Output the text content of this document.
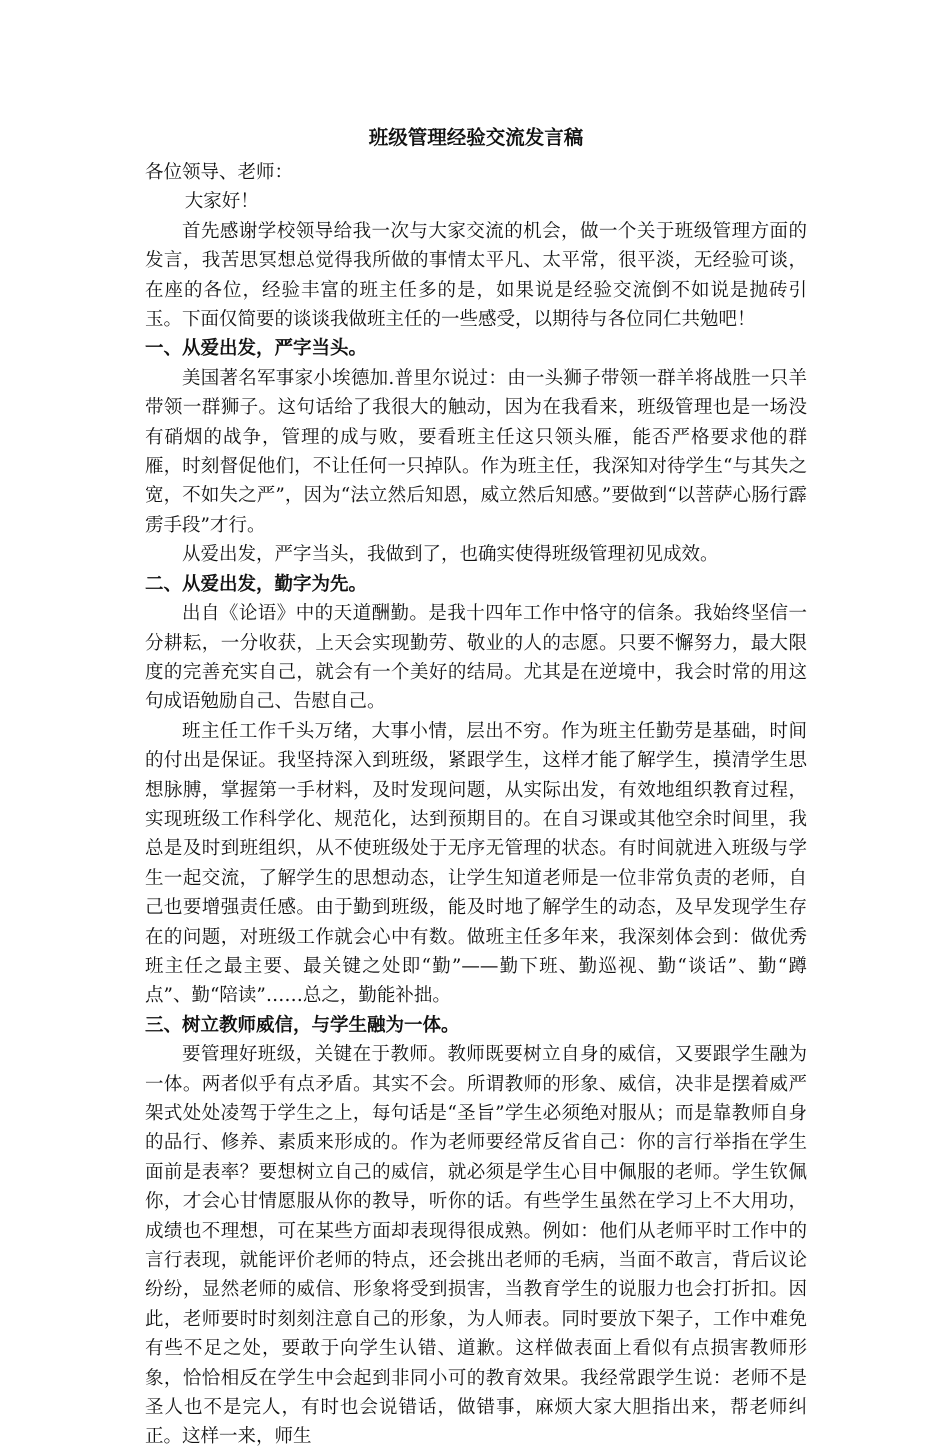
班级管理经验交流发言稿

各位领导、老师：

大家好！

首先感谢学校领导给我一次与大家交流的机会，做一个关于班级管理方面的发言，我苦思冥想总觉得我所做的事情太平凡、太平常，很平淡，无经验可谈，在座的各位，经验丰富的班主任多的是，如果说是经验交流倒不如说是抛砖引玉。下面仅简要的谈谈我做班主任的一些感受，以期待与各位同仁共勉吧！

一、从爱出发，严字当头。

美国著名军事家小埃德加.普里尔说过：由一头狮子带领一群羊将战胜一只羊带领一群狮子。这句话给了我很大的触动，因为在我看来，班级管理也是一场没有硝烟的战争，管理的成与败，要看班主任这只领头雁，能否严格要求他的群雁，时刻督促他们，不让任何一只掉队。作为班主任，我深知对待学生“与其失之宽，不如失之严”，因为“法立然后知恩，威立然后知感。”要做到“以菩萨心肠行霹雳手段”才行。

从爱出发，严字当头，我做到了，也确实使得班级管理初见成效。

二、从爱出发，勤字为先。

出自《论语》中的天道酬勤。是我十四年工作中恪守的信条。我始终坚信一分耕耘，一分收获，上天会实现勤劳、敬业的人的志愿。只要不懈努力，最大限度的完善充实自己，就会有一个美好的结局。尤其是在逆境中，我会时常的用这句成语勉励自己、告慰自己。

班主任工作千头万绪，大事小情，层出不穷。作为班主任勤劳是基础，时间的付出是保证。我坚持深入到班级，紧跟学生，这样才能了解学生，摸清学生思想脉膊，掌握第一手材料，及时发现问题，从实际出发，有效地组织教育过程，实现班级工作科学化、规范化，达到预期目的。在自习课或其他空余时间里，我总是及时到班组织，从不使班级处于无序无管理的状态。有时间就进入班级与学生一起交流，了解学生的思想动态，让学生知道老师是一位非常负责的老师，自己也要增强责任感。由于勤到班级，能及时地了解学生的动态，及早发现学生存在的问题，对班级工作就会心中有数。做班主任多年来，我深刻体会到：做优秀班主任之最主要、最关键之处即“勤”——勤下班、勤巡视、勤“谈话”、勤“蹲点”、勤“陪读”……总之，勤能补拙。

三、树立教师威信，与学生融为一体。

要管理好班级，关键在于教师。教师既要树立自身的威信，又要跟学生融为一体。两者似乎有点矛盾。其实不会。所谓教师的形象、威信，决非是摆着威严架式处处凌驾于学生之上，每句话是“圣旨”学生必须绝对服从；而是靠教师自身的品行、修养、素质来形成的。作为老师要经常反省自己：你的言行举指在学生面前是表率？要想树立自己的威信，就必须是学生心目中佩服的老师。学生钦佩你，才会心甘情愿服从你的教导，听你的话。有些学生虽然在学习上不大用功，成绩也不理想，可在某些方面却表现得很成熟。例如：他们从老师平时工作中的言行表现，就能评价老师的特点，还会挑出老师的毛病，当面不敢言，背后议论纷纷，显然老师的威信、形象将受到损害，当教育学生的说服力也会打折扣。因此，老师要时时刻刻注意自己的形象，为人师表。同时要放下架子，工作中难免有些不足之处，要敢于向学生认错、道歉。这样做表面上看似有点损害教师形象，恰恰相反在学生中会起到非同小可的教育效果。我经常跟学生说：老师不是圣人也不是完人，有时也会说错话，做错事，麻烦大家大胆指出来，帮老师纠正。这样一来，师生
